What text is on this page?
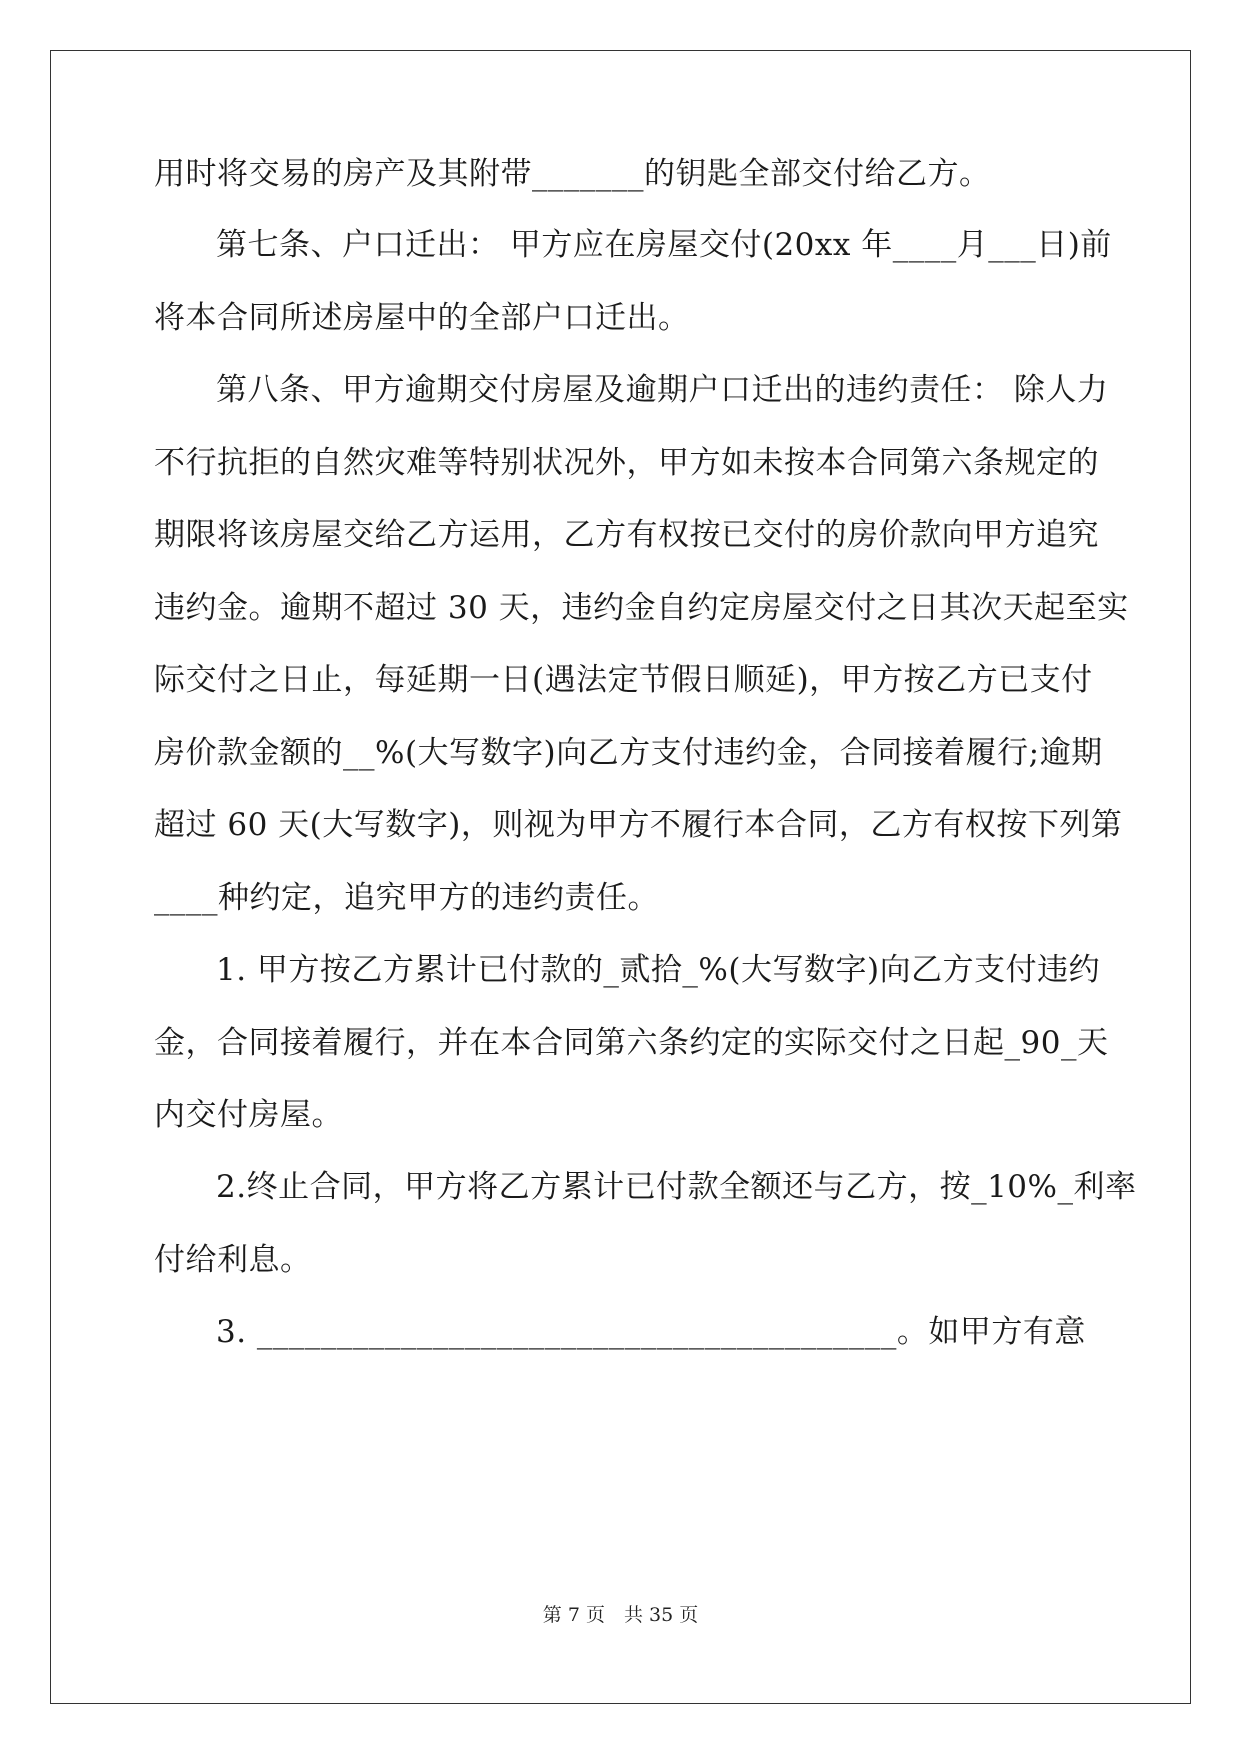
用时将交易的房产及其附带_______的钥匙全部交付给乙方。

第七条、户口迁出： 甲方应在房屋交付(20xx 年____月___日)前

将本合同所述房屋中的全部户口迁出。

第八条、甲方逾期交付房屋及逾期户口迁出的违约责任： 除人力

不行抗拒的自然灾难等特别状况外，甲方如未按本合同第六条规定的

期限将该房屋交给乙方运用，乙方有权按已交付的房价款向甲方追究

违约金。逾期不超过 30 天，违约金自约定房屋交付之日其次天起至实

际交付之日止，每延期一日(遇法定节假日顺延)，甲方按乙方已支付

房价款金额的__%(大写数字)向乙方支付违约金，合同接着履行;逾期

超过 60 天(大写数字)，则视为甲方不履行本合同，乙方有权按下列第

____种约定，追究甲方的违约责任。

1. 甲方按乙方累计已付款的_贰拾_%(大写数字)向乙方支付违约

金，合同接着履行，并在本合同第六条约定的实际交付之日起_90_天

内交付房屋。

2.终止合同，甲方将乙方累计已付款全额还与乙方，按_10%_利率

付给利息。

3. ________________________________________。如甲方有意

第 7 页　共 35 页
